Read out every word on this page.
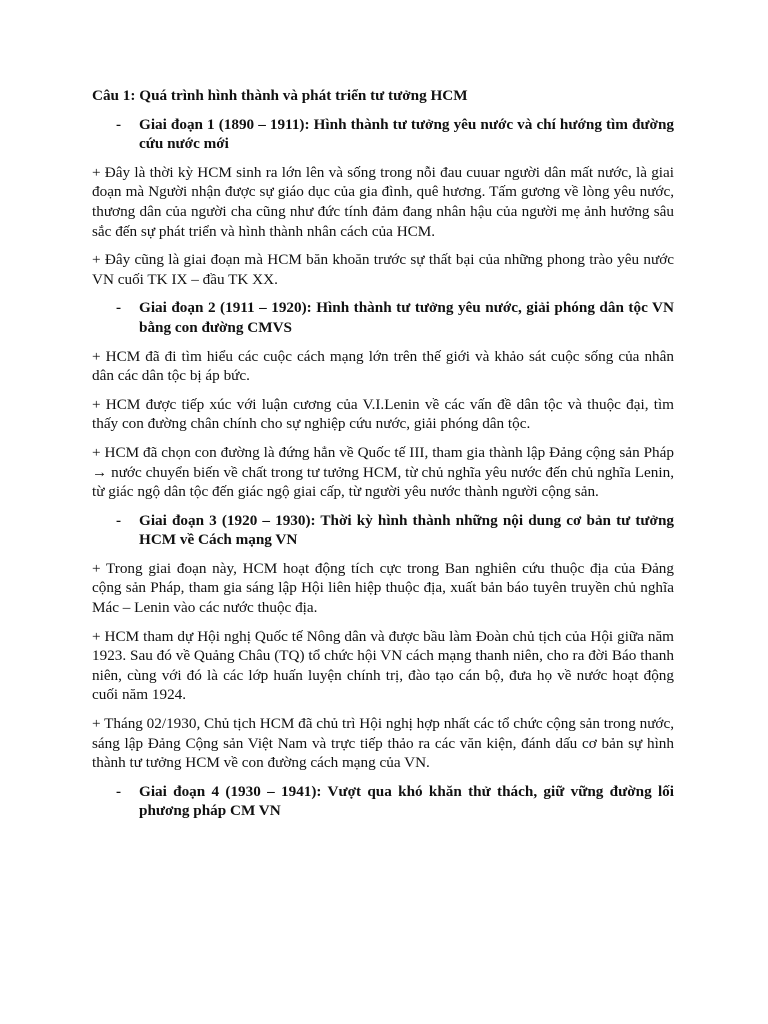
Câu 1: Quá trình hình thành và phát triển tư tưởng HCM
-	Giai đoạn 1 (1890 – 1911): Hình thành tư tưởng yêu nước và chí hướng tìm đường cứu nước mới

+ Đây là thời kỳ HCM sinh ra lớn lên và sống trong nỗi đau cuuar người dân mất nước, là giai đoạn mà Người nhận được sự giáo dục của gia đình, quê hương. Tấm gương về lòng yêu nước, thương dân của người cha cũng như đức tính đảm đang nhân hậu của người mẹ ảnh hưởng sâu sắc đến sự phát triển và hình thành nhân cách của HCM.

+ Đây cũng là giai đoạn mà HCM băn khoăn trước sự thất bại của những phong trào yêu nước VN cuối TK IX – đầu TK XX.

-	Giai đoạn 2 (1911 – 1920): Hình thành tư tưởng yêu nước, giải phóng dân tộc VN bằng con đường CMVS

+ HCM đã đi tìm hiểu các cuộc cách mạng lớn trên thế giới và khảo sát cuộc sống của nhân dân các dân tộc bị áp bức.

+ HCM được tiếp xúc với luận cương của V.I.Lenin về các vấn đề dân tộc và thuộc đại, tìm thấy con đường chân chính cho sự nghiệp cứu nước, giải phóng dân tộc.

+ HCM đã chọn con đường là đứng hẳn về Quốc tế III, tham gia thành lập Đảng cộng sản Pháp → nước chuyển biến về chất trong tư tưởng HCM, từ chủ nghĩa yêu nước đến chủ nghĩa Lenin, từ giác ngộ dân tộc đến giác ngộ giai cấp, từ người yêu nước thành người cộng sản.

-	Giai đoạn 3 (1920 – 1930): Thời kỳ hình thành những nội dung cơ bản tư tưởng HCM về Cách mạng VN

+ Trong giai đoạn này, HCM hoạt động tích cực trong Ban nghiên cứu thuộc địa của Đảng cộng sản Pháp, tham gia sáng lập Hội liên hiệp thuộc địa, xuất bản báo tuyên truyền chủ nghĩa Mác – Lenin vào các nước thuộc địa.

+ HCM tham dự Hội nghị Quốc tế Nông dân và được bầu làm Đoàn chủ tịch của Hội giữa năm 1923. Sau đó về Quảng Châu (TQ) tổ chức hội VN cách mạng thanh niên, cho ra đời Báo thanh niên, cùng với đó là các lớp huấn luyện chính trị, đào tạo cán bộ, đưa họ về nước hoạt động cuối năm 1924.

+ Tháng 02/1930, Chủ tịch HCM đã chủ trì Hội nghị hợp nhất các tổ chức cộng sản trong nước, sáng lập Đảng Cộng sản Việt Nam và trực tiếp thảo ra các văn kiện, đánh dấu cơ bản sự hình thành tư tưởng HCM về con đường cách mạng của VN.

-	Giai đoạn 4 (1930 – 1941): Vượt qua khó khăn thử thách, giữ vững đường lối phương pháp CM VN
